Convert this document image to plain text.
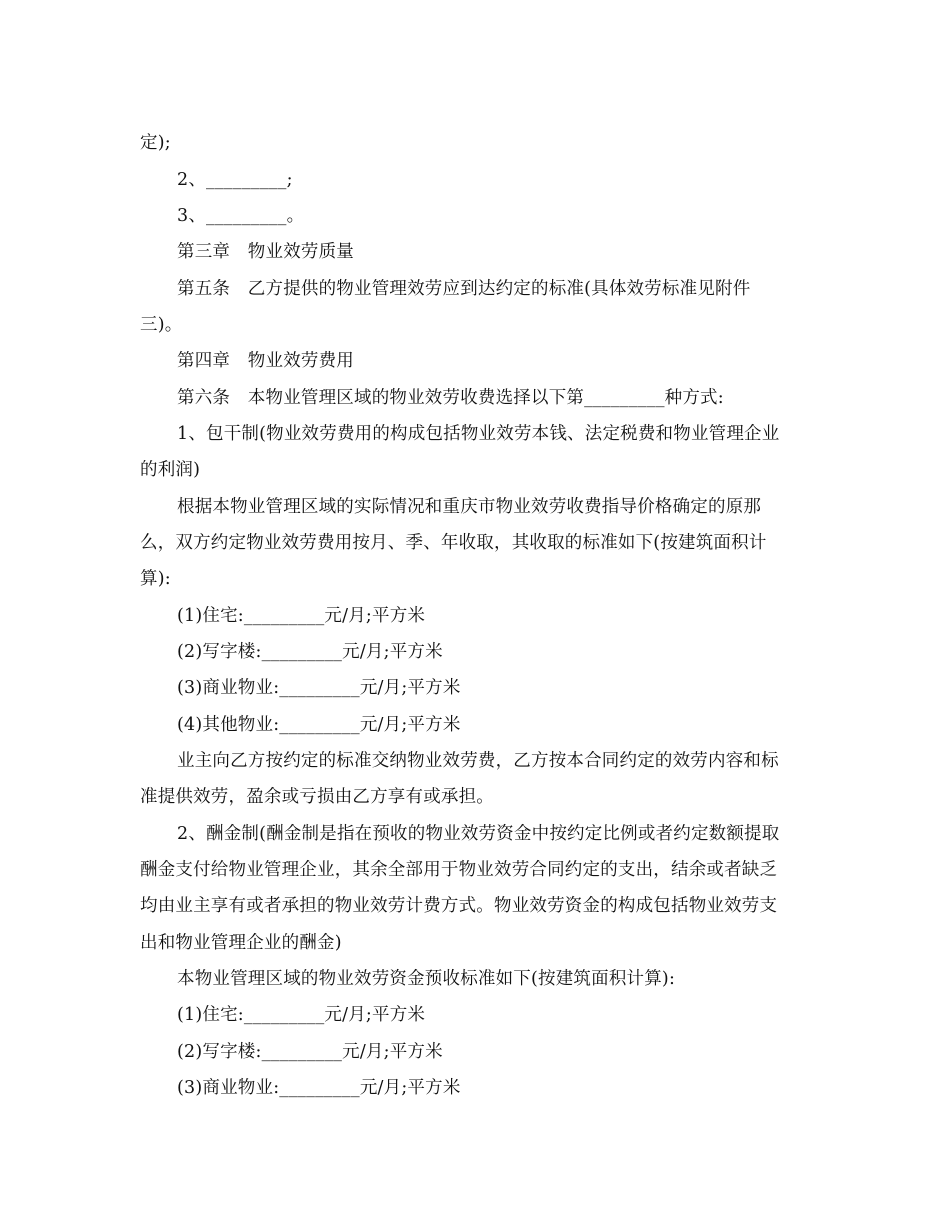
定);
2、_________;
3、_________。
第三章　物业效劳质量
第五条　乙方提供的物业管理效劳应到达约定的标准(具体效劳标准见附件
三)。
第四章　物业效劳费用
第六条　本物业管理区域的物业效劳收费选择以下第_________种方式:
1、包干制(物业效劳费用的构成包括物业效劳本钱、法定税费和物业管理企业
的利润)
根据本物业管理区域的实际情况和重庆市物业效劳收费指导价格确定的原那
么，双方约定物业效劳费用按月、季、年收取，其收取的标准如下(按建筑面积计
算):
(1)住宅:_________元/月;平方米
(2)写字楼:_________元/月;平方米
(3)商业物业:_________元/月;平方米
(4)其他物业:_________元/月;平方米
业主向乙方按约定的标准交纳物业效劳费，乙方按本合同约定的效劳内容和标
准提供效劳，盈余或亏损由乙方享有或承担。
2、酬金制(酬金制是指在预收的物业效劳资金中按约定比例或者约定数额提取
酬金支付给物业管理企业，其余全部用于物业效劳合同约定的支出，结余或者缺乏
均由业主享有或者承担的物业效劳计费方式。物业效劳资金的构成包括物业效劳支
出和物业管理企业的酬金)
本物业管理区域的物业效劳资金预收标准如下(按建筑面积计算):
(1)住宅:_________元/月;平方米
(2)写字楼:_________元/月;平方米
(3)商业物业:_________元/月;平方米
